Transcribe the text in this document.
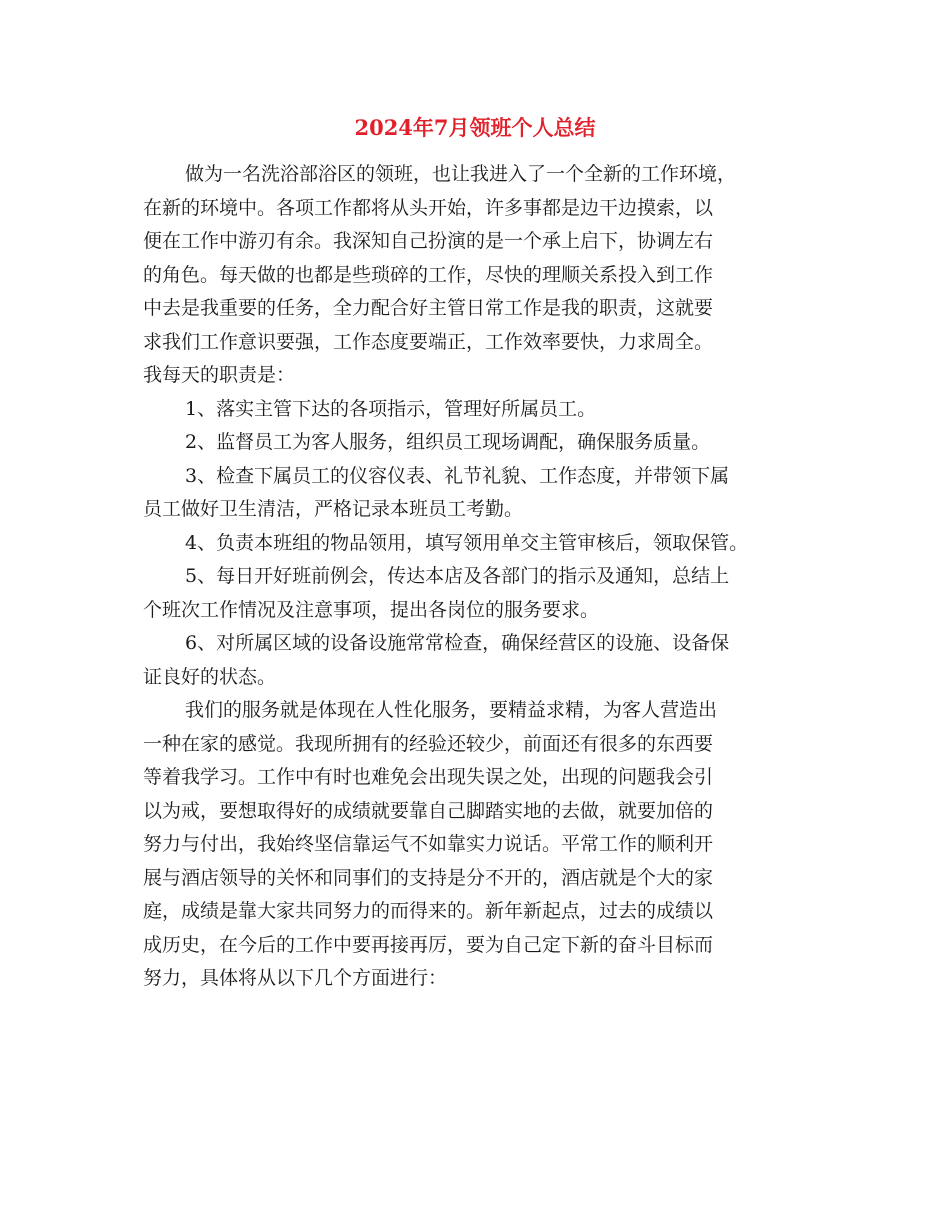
2024年7月领班个人总结
做为一名洗浴部浴区的领班，也让我进入了一个全新的工作环境，
在新的环境中。各项工作都将从头开始，许多事都是边干边摸索，以
便在工作中游刃有余。我深知自己扮演的是一个承上启下，协调左右
的角色。每天做的也都是些琐碎的工作，尽快的理顺关系投入到工作
中去是我重要的任务，全力配合好主管日常工作是我的职责，这就要
求我们工作意识要强，工作态度要端正，工作效率要快，力求周全。
我每天的职责是：
1、落实主管下达的各项指示，管理好所属员工。
2、监督员工为客人服务，组织员工现场调配，确保服务质量。
3、检查下属员工的仪容仪表、礼节礼貌、工作态度，并带领下属
员工做好卫生清洁，严格记录本班员工考勤。
4、负责本班组的物品领用，填写领用单交主管审核后，领取保管。
5、每日开好班前例会，传达本店及各部门的指示及通知，总结上
个班次工作情况及注意事项，提出各岗位的服务要求。
6、对所属区域的设备设施常常检查，确保经营区的设施、设备保
证良好的状态。
我们的服务就是体现在人性化服务，要精益求精，为客人营造出
一种在家的感觉。我现所拥有的经验还较少，前面还有很多的东西要
等着我学习。工作中有时也难免会出现失误之处，出现的问题我会引
以为戒，要想取得好的成绩就要靠自己脚踏实地的去做，就要加倍的
努力与付出，我始终坚信靠运气不如靠实力说话。平常工作的顺利开
展与酒店领导的关怀和同事们的支持是分不开的，酒店就是个大的家
庭，成绩是靠大家共同努力的而得来的。新年新起点，过去的成绩以
成历史，在今后的工作中要再接再厉，要为自己定下新的奋斗目标而
努力，具体将从以下几个方面进行：
